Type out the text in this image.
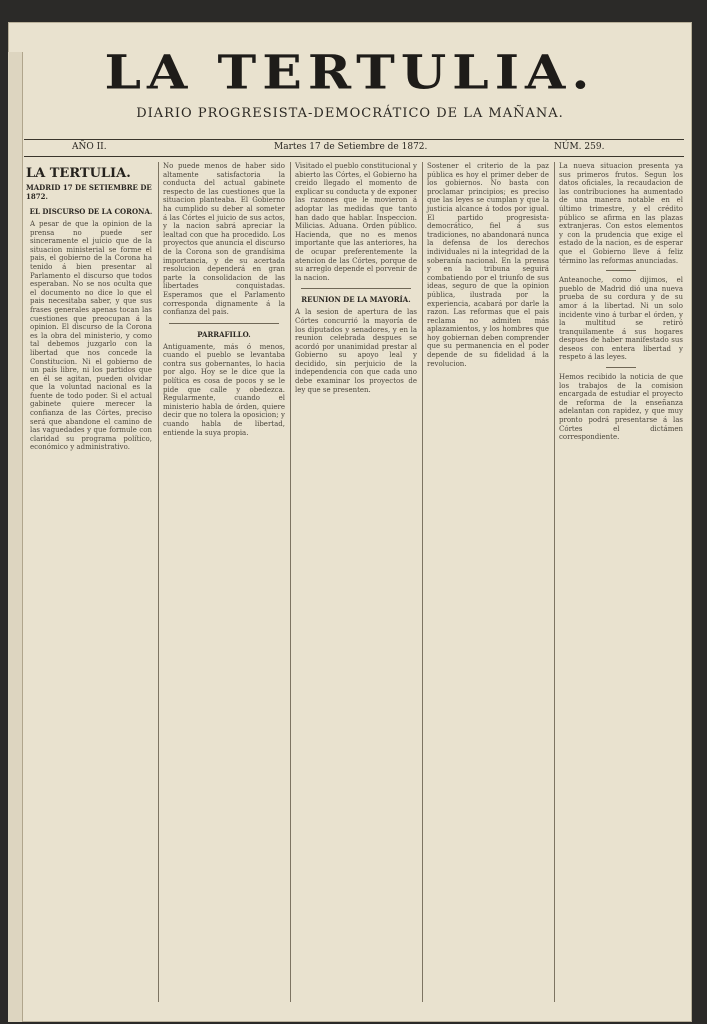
LA TERTULIA.
DIARIO PROGRESISTA-DEMOCRÁTICO DE LA MAÑANA.
AÑO II.	Martes 17 de Setiembre de 1872.	NÚM. 259.
LA TERTULIA.
MADRID 17 DE SETIEMBRE DE 1872.
EL DISCURSO DE LA CORONA.

A pesar de que la opinion de la prensa no puede ser sinceramente el juicio que de la situacion ministerial se forme el pais, el gobierno de la Corona ha tenido á bien presentar al Parlamento el discurso que todos esperaban. No se nos oculta que el documento no dice lo que el pais necesitaba saber, y que sus frases generales apenas tocan las cuestiones que preocupan á la opinion. El discurso de la Corona es la obra del ministerio, y como tal debemos juzgarlo con la libertad que nos concede la Constitucion. Ni el gobierno de un país libre, ni los partidos que en él se agitan, pueden olvidar que la voluntad nacional es la fuente de todo poder. Si el actual gabinete quiere merecer la confianza de las Córtes, preciso será que abandone el camino de las vaguedades y que formule con claridad su programa político, económico y administrativo.

No puede menos de haber sido altamente satisfactoria la conducta del actual gabinete respecto de las cuestiones que la situacion planteaba. El Gobierno ha cumplido su deber al someter á las Córtes el juicio de sus actos, y la nacion sabrá apreciar la lealtad con que ha procedido. Los proyectos que anuncia el discurso de la Corona son de grandísima importancia, y de su acertada resolucion dependerá en gran parte la consolidacion de las libertades conquistadas. Esperamos que el Parlamento corresponda dignamente á la confianza del pais.

PARRAFILLO.

Antiguamente, más ó menos, cuando el pueblo se levantaba contra sus gobernantes, lo hacia por algo. Hoy se le dice que la política es cosa de pocos y se le pide que calle y obedezca. Regularmente, cuando el ministerio habla de órden, quiere decir que no tolera la oposicion; y cuando habla de libertad, entiende la suya propia.

Visitado el pueblo constitucional y abierto las Córtes, el Gobierno ha creido llegado el momento de explicar su conducta y de exponer las razones que le movieron á adoptar las medidas que tanto han dado que hablar. Inspeccion. Milicias. Aduana. Orden público. Hacienda, que no es menos importante que las anteriores, ha de ocupar preferentemente la atencion de las Córtes, porque de su arreglo depende el porvenir de la nacion.

REUNION DE LA MAYORÍA.

A la sesion de apertura de las Córtes concurrió la mayoría de los diputados y senadores, y en la reunion celebrada despues se acordó por unanimidad prestar al Gobierno su apoyo leal y decidido, sin perjuicio de la independencia con que cada uno debe examinar los proyectos de ley que se presenten.

Sostener el criterio de la paz pública es hoy el primer deber de los gobiernos. No basta con proclamar principios; es preciso que las leyes se cumplan y que la justicia alcance á todos por igual. El partido progresista-democrático, fiel á sus tradiciones, no abandonará nunca la defensa de los derechos individuales ni la integridad de la soberanía nacional. En la prensa y en la tribuna seguirá combatiendo por el triunfo de sus ideas, seguro de que la opinion pública, ilustrada por la experiencia, acabará por darle la razon. Las reformas que el pais reclama no admiten más aplazamientos, y los hombres que hoy gobiernan deben comprender que su permanencia en el poder depende de su fidelidad á la revolucion.

La nueva situacion presenta ya sus primeros frutos. Segun los datos oficiales, la recaudacion de las contribuciones ha aumentado de una manera notable en el último trimestre, y el crédito público se afirma en las plazas extranjeras. Con estos elementos y con la prudencia que exige el estado de la nacion, es de esperar que el Gobierno lleve á feliz término las reformas anunciadas.

Anteanoche, como dijimos, el pueblo de Madrid dió una nueva prueba de su cordura y de su amor á la libertad. Ni un solo incidente vino á turbar el órden, y la multitud se retiró tranquilamente á sus hogares despues de haber manifestado sus deseos con entera libertad y respeto á las leyes.

Hemos recibido la noticia de que los trabajos de la comision encargada de estudiar el proyecto de reforma de la enseñanza adelantan con rapidez, y que muy pronto podrá presentarse á las Córtes el dictámen correspondiente.
